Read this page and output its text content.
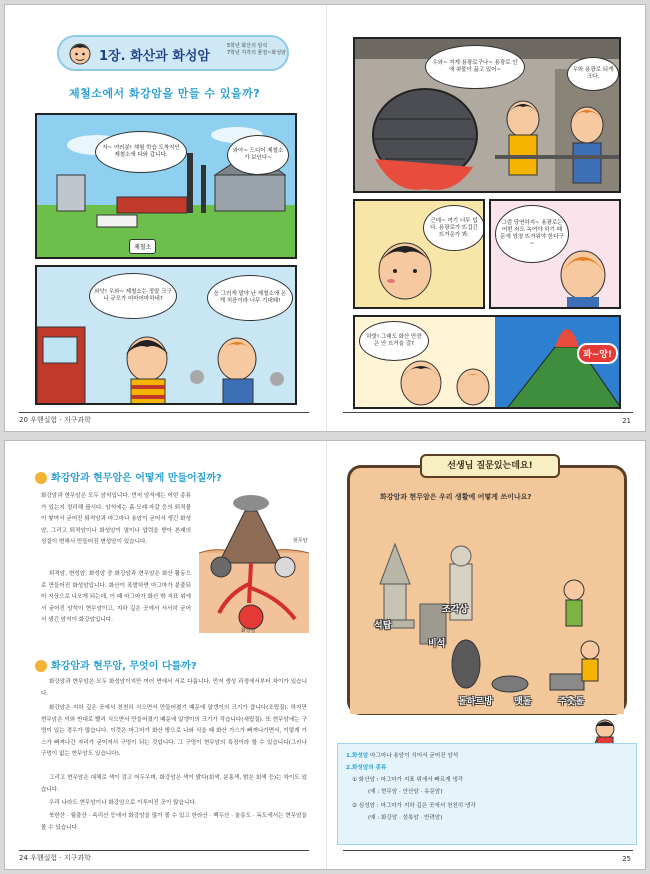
1장. 화산과 화성암
5학년 화산의 암석
7학년 지각의 물질~화성암
제철소에서 화강암을 만들 수 있을까?
자~ 여러분! 체험 학습 도착지인 제철소에 다와 갑니다.
와아~ 드디어 제철소가 보인다~
제철소
와앗! 우와~ 제철소는 정말 크구나 규모가 어마어마하네?
응 그러게 말야 난 제철소에 온 게 처음이라 너무 기대돼!
20 우핸실험 · 지구과학
우와~ 저게 용광로구나~ 용광로 안에 쇳물이 끓고 있어~	우와 용광로 되게 크다.
근데~ 여기 너무 덥다. 용광로가 뜨겁긴 뜨거운가 봐.
그럼 당연하지~ 용광로는 어떤 쇠도 녹여야 하기 때문에 엄청 뜨거워야 한다구~
하핫! 그래도 화산 만큼은 안 뜨거울 걸?
꽈~앙!
21
화강암과 현무암은 어떻게 만들어질까?
화강암과 현무암은 모두 암석입니다. 먼저 암석에는 어떤 종류가 있는지 정리해 봅시다. 암석에는 흙·모래·자갈 등의 퇴적물이 쌓여서 굳어진 퇴적암과 마그마나 용암이 굳어서 생긴 화성암, 그리고 퇴적암이나 화성암이 열이나 압력을 받아 본래의 성질이 변해서 만들어진 변성암이 있습니다.
퇴적암, 변성암, 화성암 중 화강암과 현무암은 화산 활동으로 만들어진 화성암입니다. 화산이 폭발하면 마그마가 분출되어 지상으로 나오게 되는데, 이 때 마그마가 화산 밖 지표 위에서 굳어진 암석이 현무암이고, 지하 깊은 곳에서 서서히 굳어서 생긴 암석이 화강암입니다.
현무암
화강암
화강암과 현무암, 무엇이 다를까?
화강암과 현무암은 모두 화성암이지만 여러 면에서 서로 다릅니다. 먼저 생성 과정에서부터 차이가 있습니다.
화강암은 지하 깊은 곳에서 천천히 식으면서 만들어졌기 때문에 알갱이의 크기가 큽니다(조립질). 하지만 현무암은 이와 반대로 빨리 식으면서 만들어졌기 때문에 알갱이의 크기가 작습니다(세립질). 또 현무암에는 구멍이 있는 경우가 많습니다. 이것은 마그마가 화산 밖으로 나와 식을 때 화산 가스가 빠져나가면서, 이렇게 가스가 빠져나간 자리가 굳어져서 구멍이 되는 것입니다. 그 구멍이 현무암의 특징이라 할 수 있습니다(그러나 구멍이 없는 현무암도 있습니다).
그리고 현무암은 대체로 색이 검고 어두우며, 화강암은 색이 밝다(회색, 분홍색, 밝은 회색 등)는 차이도 있습니다.
우리 나라도 현무암이나 화강암으로 이루어진 곳이 많습니다.
북한산 · 월출산 · 속리산 등에서 화강암을 많이 볼 수 있고 한라산 · 백두산 · 울릉도 · 독도에서는 현무암을 볼 수 있습니다.
24 우핸실험 · 지구과학
선생님 질문있는데요!
화강암과 현무암은 우리 생활에 어떻게 쓰이나요?
석탑
조각상
비석
돌하르방 맷돌	주춧돌
1.화성암 마그마나 용암이 식어서 굳어진 암석
2.화성암의 종류
① 화산암 : 마그마가 지표 위에서 빠르게 냉각
(예 : 현무암 · 안산암 · 유문암)
② 심성암 : 마그마가 지하 깊은 곳에서 천천히 냉각
(예 : 화강암 · 섬록암 · 반려암)
25
